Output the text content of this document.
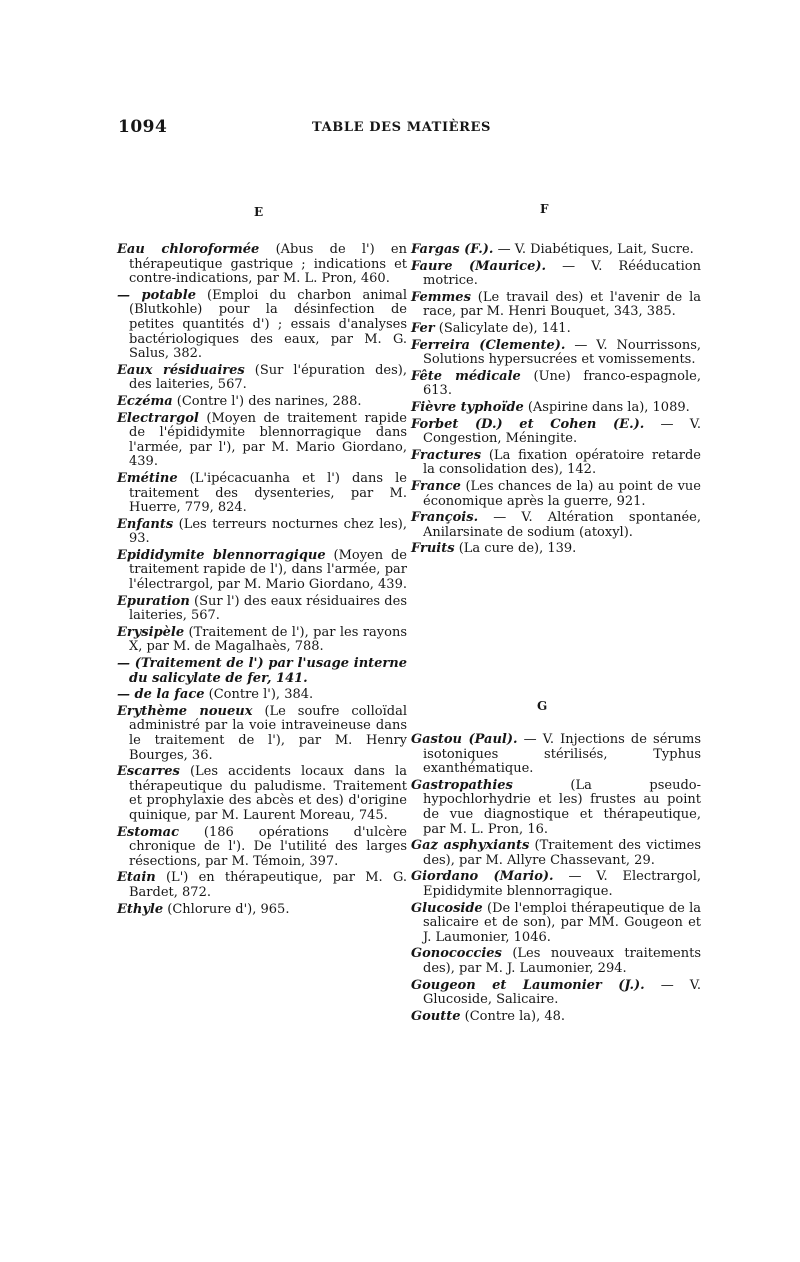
1094	TABLE DES MATIÈRES
E	F
G
Eau chloroformée (Abus de l') en thérapeutique gastrique ; indications et contre-indications, par M. L. Pron, 460.
— potable (Emploi du charbon animal (Blutkohle) pour la désinfection de petites quantités d') ; essais d'analyses bactériologiques des eaux, par M. G. Salus, 382.
Eaux résiduaires (Sur l'épuration des), des laiteries, 567.
Eczéma (Contre l') des narines, 288.
Electrargol (Moyen de traitement rapide de l'épididymite blennorragique dans l'armée, par l'), par M. Mario Giordano, 439.
Emétine (L'ipécacuanha et l') dans le traitement des dysenteries, par M. Huerre, 779, 824.
Enfants (Les terreurs nocturnes chez les), 93.
Epididymite blennorragique (Moyen de traitement rapide de l'), dans l'armée, par l'électrargol, par M. Mario Giordano, 439.
Epuration (Sur l') des eaux résiduaires des laiteries, 567.
Erysipèle (Traitement de l'), par les rayons X, par M. de Magalhaès, 788.
— (Traitement de l') par l'usage interne du salicylate de fer, 141.
— de la face (Contre l'), 384.
Erythème noueux (Le soufre colloïdal administré par la voie intraveineuse dans le traitement de l'), par M. Henry Bourges, 36.
Escarres (Les accidents locaux dans la thérapeutique du paludisme. Traitement et prophylaxie des abcès et des) d'origine quinique, par M. Laurent Moreau, 745.
Estomac (186 opérations d'ulcère chronique de l'). De l'utilité des larges résections, par M. Témoin, 397.
Etain (L') en thérapeutique, par M. G. Bardet, 872.
Ethyle (Chlorure d'), 965.
Fargas (F.). — V. Diabétiques, Lait, Sucre.
Faure (Maurice). — V. Rééducation motrice.
Femmes (Le travail des) et l'avenir de la race, par M. Henri Bouquet, 343, 385.
Fer (Salicylate de), 141.
Ferreira (Clemente). — V. Nourrissons, Solutions hypersucrées et vomissements.
Fête médicale (Une) franco-espagnole, 613.
Fièvre typhoïde (Aspirine dans la), 1089.
Forbet (D.) et Cohen (E.). — V. Congestion, Méningite.
Fractures (La fixation opératoire retarde la consolidation des), 142.
France (Les chances de la) au point de vue économique après la guerre, 921.
François. — V. Altération spontanée, Anilarsinate de sodium (atoxyl).
Fruits (La cure de), 139.
Gastou (Paul). — V. Injections de sérums isotoniques stérilisés, Typhus exanthématique.
Gastropathies (La pseudo-hypochlorhydrie et les) frustes au point de vue diagnostique et thérapeutique, par M. L. Pron, 16.
Gaz asphyxiants (Traitement des victimes des), par M. Allyre Chassevant, 29.
Giordano (Mario). — V. Electrargol, Epididymite blennorragique.
Glucoside (De l'emploi thérapeutique de la salicaire et de son), par MM. Gougeon et J. Laumonier, 1046.
Gonococcies (Les nouveaux traitements des), par M. J. Laumonier, 294.
Gougeon et Laumonier (J.). — V. Glucoside, Salicaire.
Goutte (Contre la), 48.
